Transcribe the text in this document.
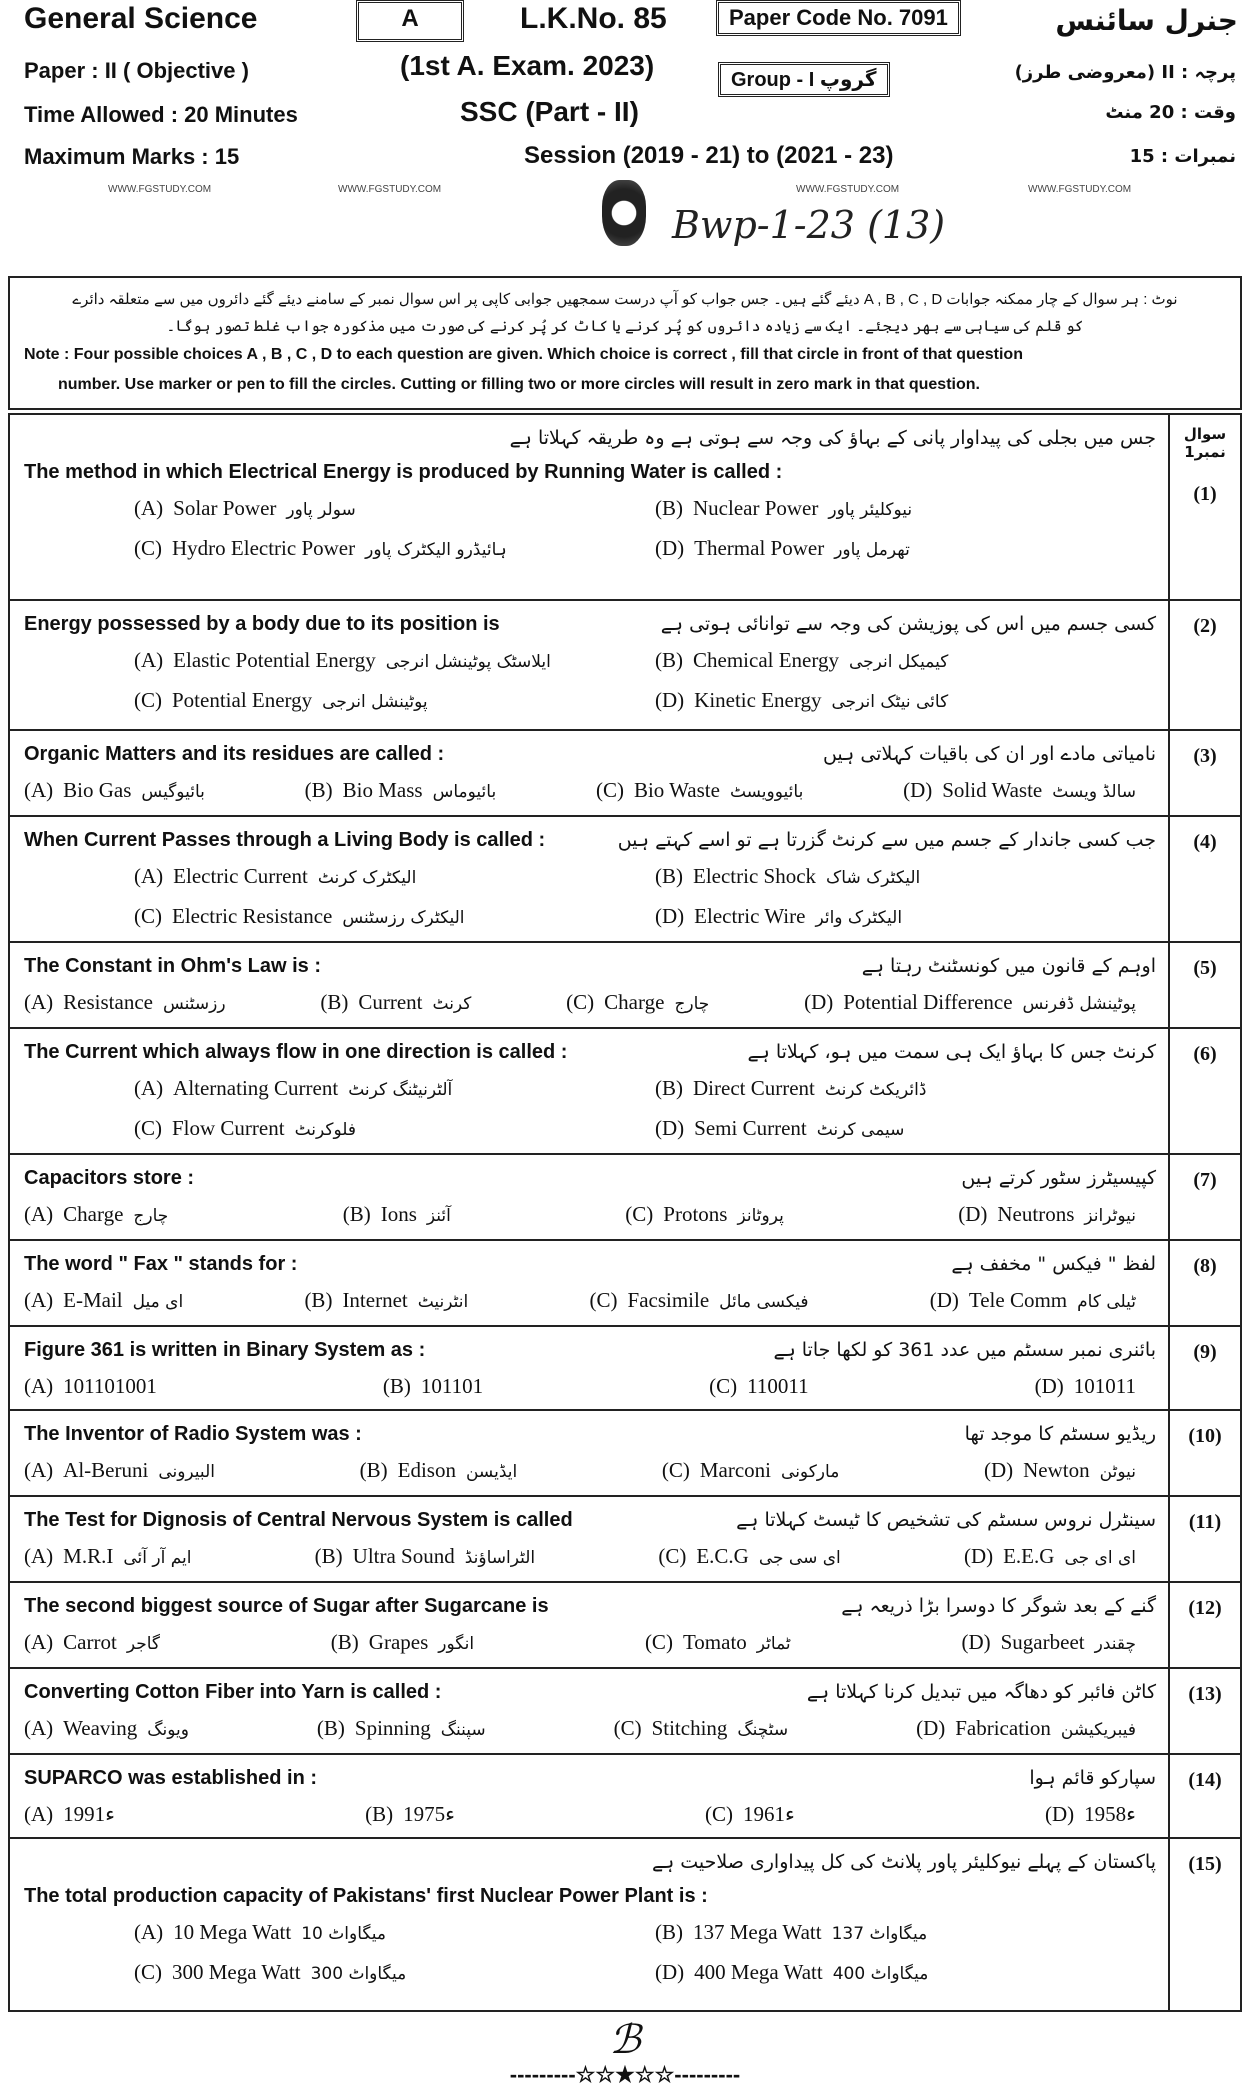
General Science	A	L.K.No. 85	Paper Code No. 7091	جنرل سائنس
Paper : II ( Objective )	(1st A. Exam. 2023)	Group - I گروپ	پرچہ : II (معروضی طرز)
Time Allowed : 20 Minutes	SSC (Part - II)	وقت : 20 منٹ
Maximum Marks : 15	Session (2019 - 21) to (2021 - 23)	نمبرات : 15
WWW.FGSTUDY.COM	WWW.FGSTUDY.COM	WWW.FGSTUDY.COM	WWW.FGSTUDY.COM
Bwp-1-23 (13)
نوٹ : ہر سوال کے چار ممکنہ جوابات A , B , C , D دیئے گئے ہیں۔ جس جواب کو آپ درست سمجھیں جوابی کاپی پر اس سوال نمبر کے سامنے دیئے گئے دائروں میں سے متعلقہ دائرے
کو قلم کی سیاہی سے بھر دیجئے۔ ایک سے زیادہ دائروں کو پُر کرنے یا کاٹ کر پُر کرنے کی صورت میں مذکورہ جواب غلط تصور ہوگا۔
Note : Four possible choices A , B , C , D to each question are given. Which choice is correct , fill that circle in front of that question
number. Use marker or pen to fill the circles. Cutting or filling two or more circles will result in zero mark in that question.
جس میں بجلی کی پیداوار پانی کے بہاؤ کی وجہ سے ہوتی ہے وہ طریقہ کہلاتا ہے
The method in which Electrical Energy is produced by Running Water is called :
(A) Solar Power سولر پاور	(B) Nuclear Power نیوکلیئر پاور
(C) Hydro Electric Power ہائیڈرو الیکٹرک پاور	(D) Thermal Power تھرمل پاور
سوال نمبر1
(1)
Energy possessed by a body due to its position is	کسی جسم میں اس کی پوزیشن کی وجہ سے توانائی ہوتی ہے
(A) Elastic Potential Energy ایلاسٹک پوٹینشل انرجی	(B) Chemical Energy کیمیکل انرجی
(C) Potential Energy پوٹینشل انرجی	(D) Kinetic Energy کائی نیٹک انرجی
(2)
Organic Matters and its residues are called :	نامیاتی مادے اور ان کی باقیات کہلاتی ہیں
(A) Bio Gas بائیوگیس	(B) Bio Mass بائیوماس	(C) Bio Waste بائیوویسٹ	(D) Solid Waste سالڈ ویسٹ
(3)
When Current Passes through a Living Body is called :	جب کسی جاندار کے جسم میں سے کرنٹ گزرتا ہے تو اسے کہتے ہیں
(A) Electric Current الیکٹرک کرنٹ	(B) Electric Shock الیکٹرک شاک
(C) Electric Resistance الیکٹرک رزسٹنس	(D) Electric Wire الیکٹرک وائر
(4)
The Constant in Ohm's Law is :	اوہم کے قانون میں کونسٹنٹ رہتا ہے
(A) Resistance رزسٹنس	(B) Current کرنٹ	(C) Charge چارج	(D) Potential Difference پوٹینشل ڈفرنس
(5)
The Current which always flow in one direction is called :	کرنٹ جس کا بہاؤ ایک ہی سمت میں ہو، کہلاتا ہے
(A) Alternating Current آلٹرنیٹنگ کرنٹ	(B) Direct Current ڈائریکٹ کرنٹ
(C) Flow Current فلوکرنٹ	(D) Semi Current سیمی کرنٹ
(6)
Capacitors store :	کپیسیٹرز سٹور کرتے ہیں
(A) Charge چارج	(B) Ions آئنز	(C) Protons پروٹانز	(D) Neutrons نیوٹرانز
(7)
The word " Fax " stands for :	لفظ " فیکس " مخفف ہے
(A) E-Mail ای میل	(B) Internet انٹرنیٹ	(C) Facsimile فیکسی مائل	(D) Tele Comm ٹیلی کام
(8)
Figure 361 is written in Binary System as :	بائنری نمبر سسٹم میں عدد 361 کو لکھا جاتا ہے
(A) 101101001	(B) 101101	(C) 110011	(D) 101011
(9)
The Inventor of Radio System was :	ریڈیو سسٹم کا موجد تھا
(A) Al-Beruni البیرونی	(B) Edison ایڈیسن	(C) Marconi مارکونی	(D) Newton نیوٹن
(10)
The Test for Dignosis of Central Nervous System is called	سینٹرل نروس سسٹم کی تشخیص کا ٹیسٹ کہلاتا ہے
(A) M.R.I ایم آر آئی	(B) Ultra Sound الٹراساؤنڈ	(C) E.C.G ای سی جی	(D) E.E.G ای ای جی
(11)
The second biggest source of Sugar after Sugarcane is	گنے کے بعد شوگر کا دوسرا بڑا ذریعہ ہے
(A) Carrot گاجر	(B) Grapes انگور	(C) Tomato ٹماٹر	(D) Sugarbeet چقندر
(12)
Converting Cotton Fiber into Yarn is called :	کاٹن فائبر کو دھاگہ میں تبدیل کرنا کہلاتا ہے
(A) Weaving ویونگ	(B) Spinning سپننگ	(C) Stitching سٹچنگ	(D) Fabrication فیبریکیشن
(13)
SUPARCO was established in :	سپارکو قائم ہوا
(A) 1991ء	(B) 1975ء	(C) 1961ء	(D) 1958ء
(14)
پاکستان کے پہلے نیوکلیئر پاور پلانٹ کی کل پیداواری صلاحیت ہے
The total production capacity of Pakistans' first Nuclear Power Plant is :
(A) 10 Mega Watt 10 میگاواٹ	(B) 137 Mega Watt 137 میگاواٹ
(C) 300 Mega Watt 300 میگاواٹ	(D) 400 Mega Watt 400 میگاواٹ
(15)
ℬ
---------☆☆★☆☆---------
